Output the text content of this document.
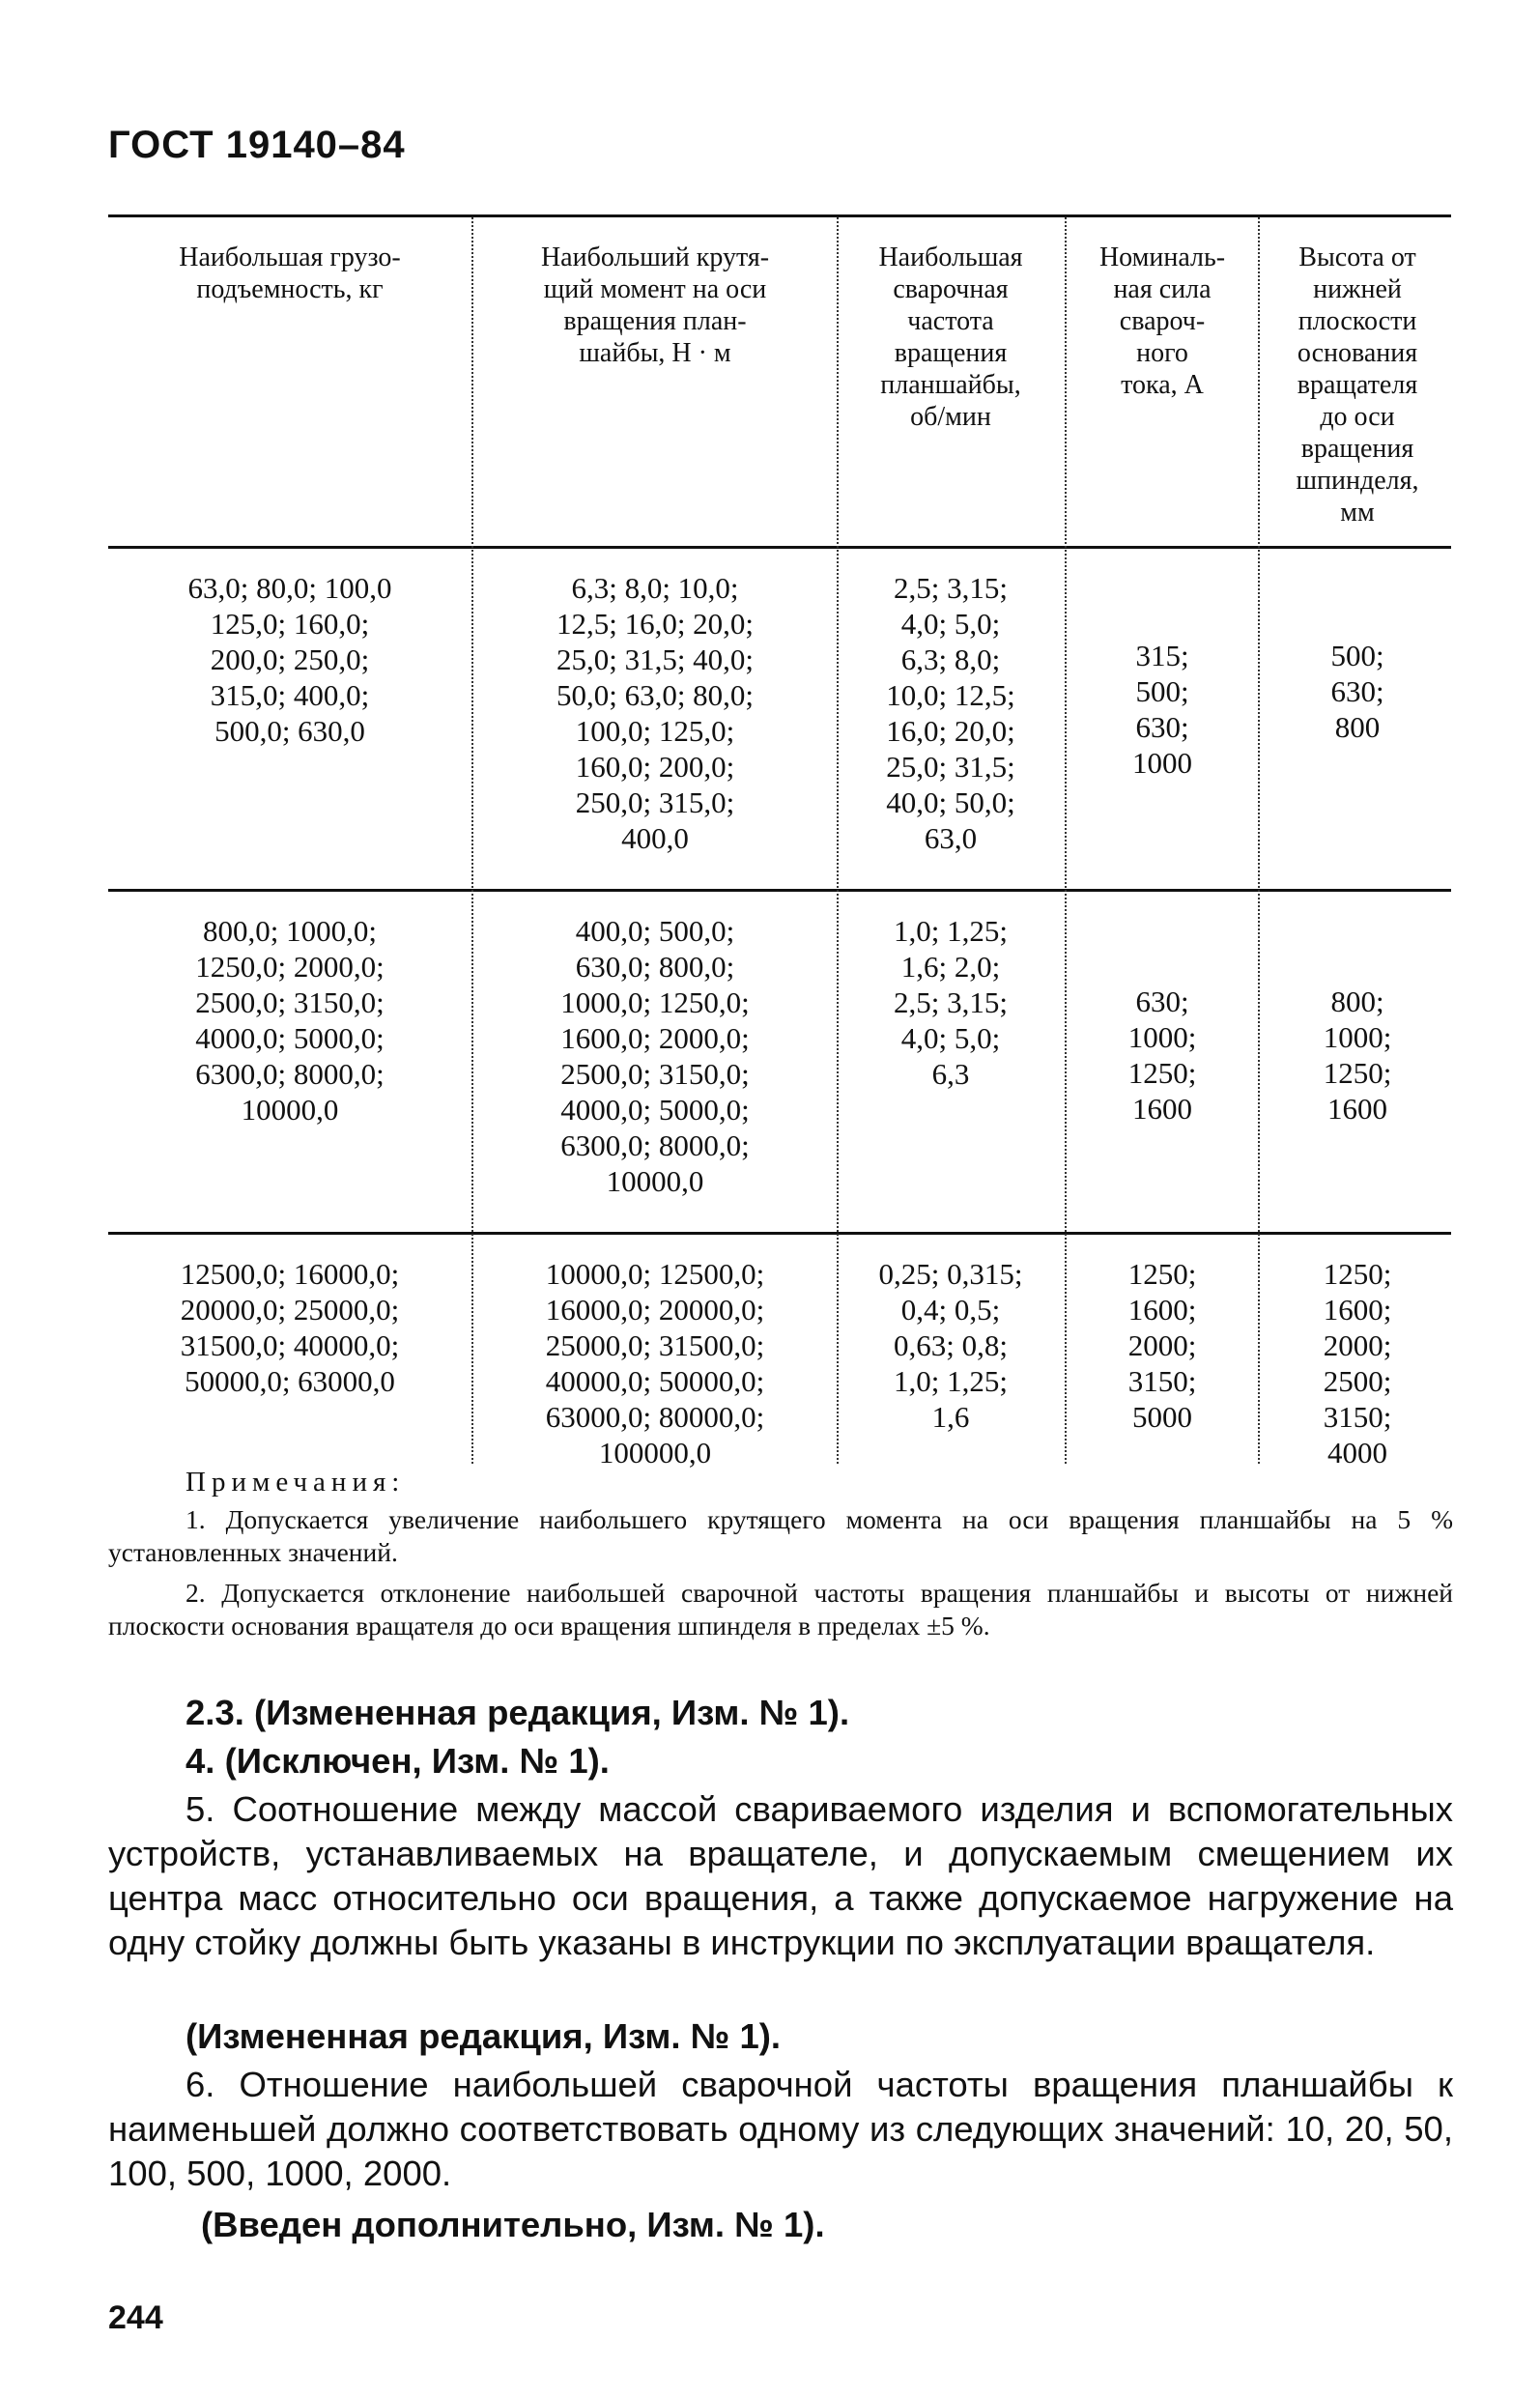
ГОСТ 19140–84
Наибольшая грузо-
подъемность, кг
Наибольший крутя-
щий момент на оси
вращения план-
шайбы, Н · м
Наибольшая
сварочная
частота
вращения
планшайбы,
об/мин
Номиналь-
ная сила
свароч-
ного
тока, А
Высота от
нижней
плоскости
основания
вращателя
до оси
вращения
шпинделя,
мм
63,0; 80,0; 100,0
125,0; 160,0;
200,0; 250,0;
315,0; 400,0;
500,0; 630,0
6,3; 8,0; 10,0;
12,5; 16,0; 20,0;
25,0; 31,5; 40,0;
50,0; 63,0; 80,0;
100,0; 125,0;
160,0; 200,0;
250,0; 315,0;
400,0
2,5; 3,15;
4,0; 5,0;
6,3; 8,0;
10,0; 12,5;
16,0; 20,0;
25,0; 31,5;
40,0; 50,0;
63,0
315;
500;
630;
1000
500;
630;
800
800,0; 1000,0;
1250,0; 2000,0;
2500,0; 3150,0;
4000,0; 5000,0;
6300,0; 8000,0;
10000,0
400,0; 500,0;
630,0; 800,0;
1000,0; 1250,0;
1600,0; 2000,0;
2500,0; 3150,0;
4000,0; 5000,0;
6300,0; 8000,0;
10000,0
1,0; 1,25;
1,6; 2,0;
2,5; 3,15;
4,0; 5,0;
6,3
630;
1000;
1250;
1600
800;
1000;
1250;
1600
12500,0; 16000,0;
20000,0; 25000,0;
31500,0; 40000,0;
50000,0; 63000,0
10000,0; 12500,0;
16000,0; 20000,0;
25000,0; 31500,0;
40000,0; 50000,0;
63000,0; 80000,0;
100000,0
0,25; 0,315;
0,4; 0,5;
0,63; 0,8;
1,0; 1,25;
1,6
1250;
1600;
2000;
3150;
5000
1250;
1600;
2000;
2500;
3150;
4000
Примечания:
1. Допускается увеличение наибольшего крутящего момента на оси вращения планшайбы на 5 % установленных значений.
2. Допускается отклонение наибольшей сварочной частоты вращения планшайбы и высоты от нижней плоскости основания вращателя до оси вращения шпинделя в пределах ±5 %.
2.3. (Измененная редакция, Изм. № 1).
4. (Исключен, Изм. № 1).
5. Соотношение между массой свариваемого изделия и вспомогательных устройств, устанавливаемых на вращателе, и допускаемым смещением их центра масс относительно оси вращения, а также допускаемое нагружение на одну стойку должны быть указаны в инструкции по эксплуатации вращателя.
(Измененная редакция, Изм. № 1).
6. Отношение наибольшей сварочной частоты вращения планшайбы к наименьшей должно соответствовать одному из следующих значений: 10, 20, 50, 100, 500, 1000, 2000.
(Введен дополнительно, Изм. № 1).
244
